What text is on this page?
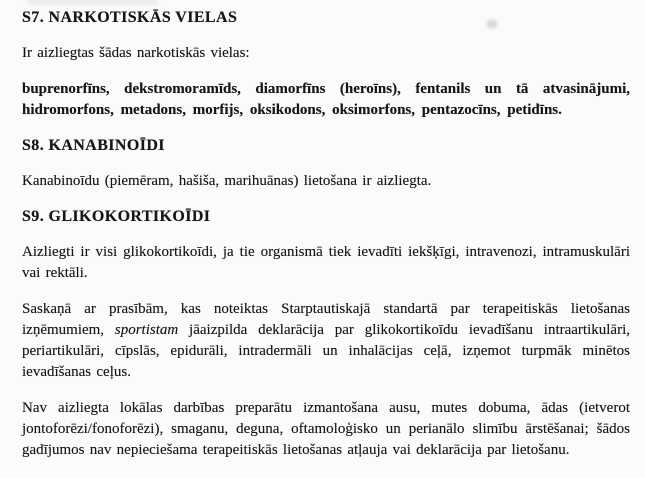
S7. NARKOTISKĀS VIELAS

Ir aizliegtas šādas narkotiskās vielas:

buprenorfīns, dekstromoramīds, diamorfīns (heroīns), fentanils un tā atvasinājumi, hidromorfons, metadons, morfijs, oksikodons, oksimorfons, pentazocīns, petidīns.

S8. KANABINOĪDI

Kanabinoīdu (piemēram, hašiša, marihuānas) lietošana ir aizliegta.

S9. GLIKOKORTIKOĪDI

Aizliegti ir visi glikokortikoīdi, ja tie organismā tiek ievadīti iekšķīgi, intravenozi, intramuskulāri vai rektāli.

Saskaņā ar prasībām, kas noteiktas Starptautiskajā standartā par terapeitiskās lietošanas izņēmumiem, sportistam jāaizpilda deklarācija par glikokortikoīdu ievadīšanu intraartikulāri, periartikulāri, cīpslās, epidurāli, intradermāli un inhalācijas ceļā, izņemot turpmāk minētos ievadīšanas ceļus.

Nav aizliegta lokālas darbības preparātu izmantošana ausu, mutes dobuma, ādas (ietverot jontoforēzi/fonoforēzi), smaganu, deguna, oftamoloģisko un perianālo slimību ārstēšanai; šādos gadījumos nav nepieciešama terapeitiskās lietošanas atļauja vai deklarācija par lietošanu.
